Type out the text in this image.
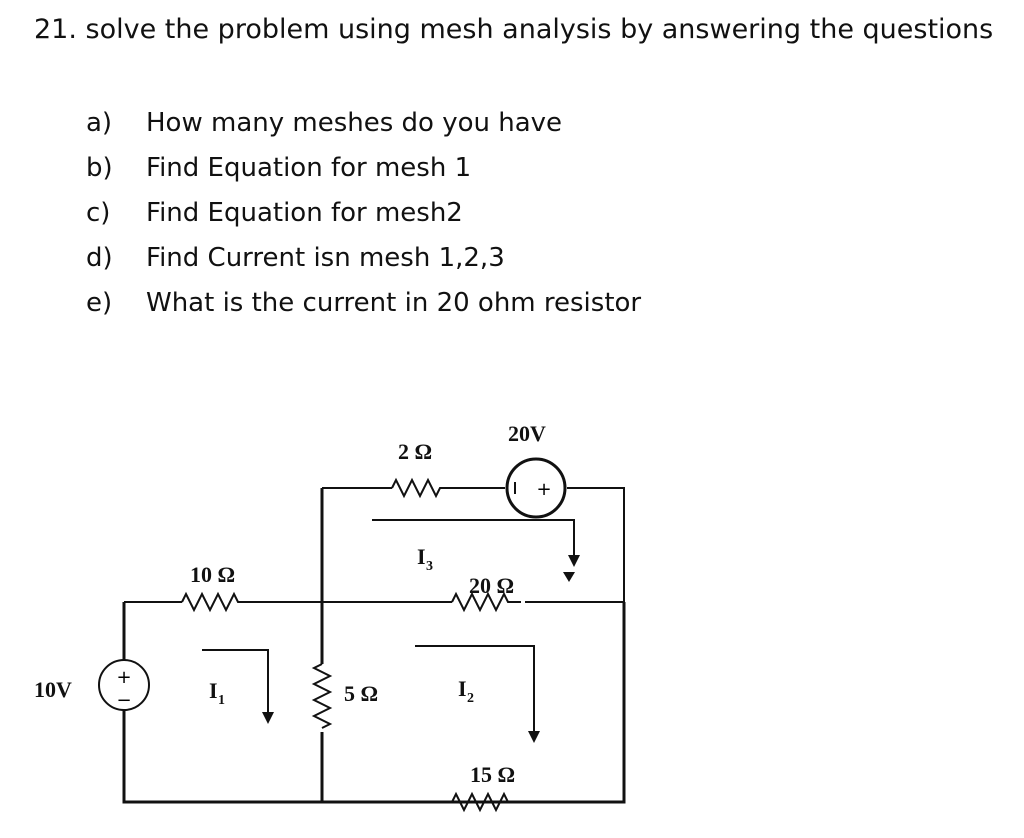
21. solve the problem using mesh analysis by answering the questions
a)	How many meshes do you have
b)	Find Equation for mesh 1
c)	Find Equation for mesh2
d)	Find Current isn mesh 1,2,3
e)	What is the current in 20 ohm resistor
+
−
+
10V
20V
2 Ω
10 Ω	20 Ω
5 Ω
15 Ω
I 1	I 2
I 3
